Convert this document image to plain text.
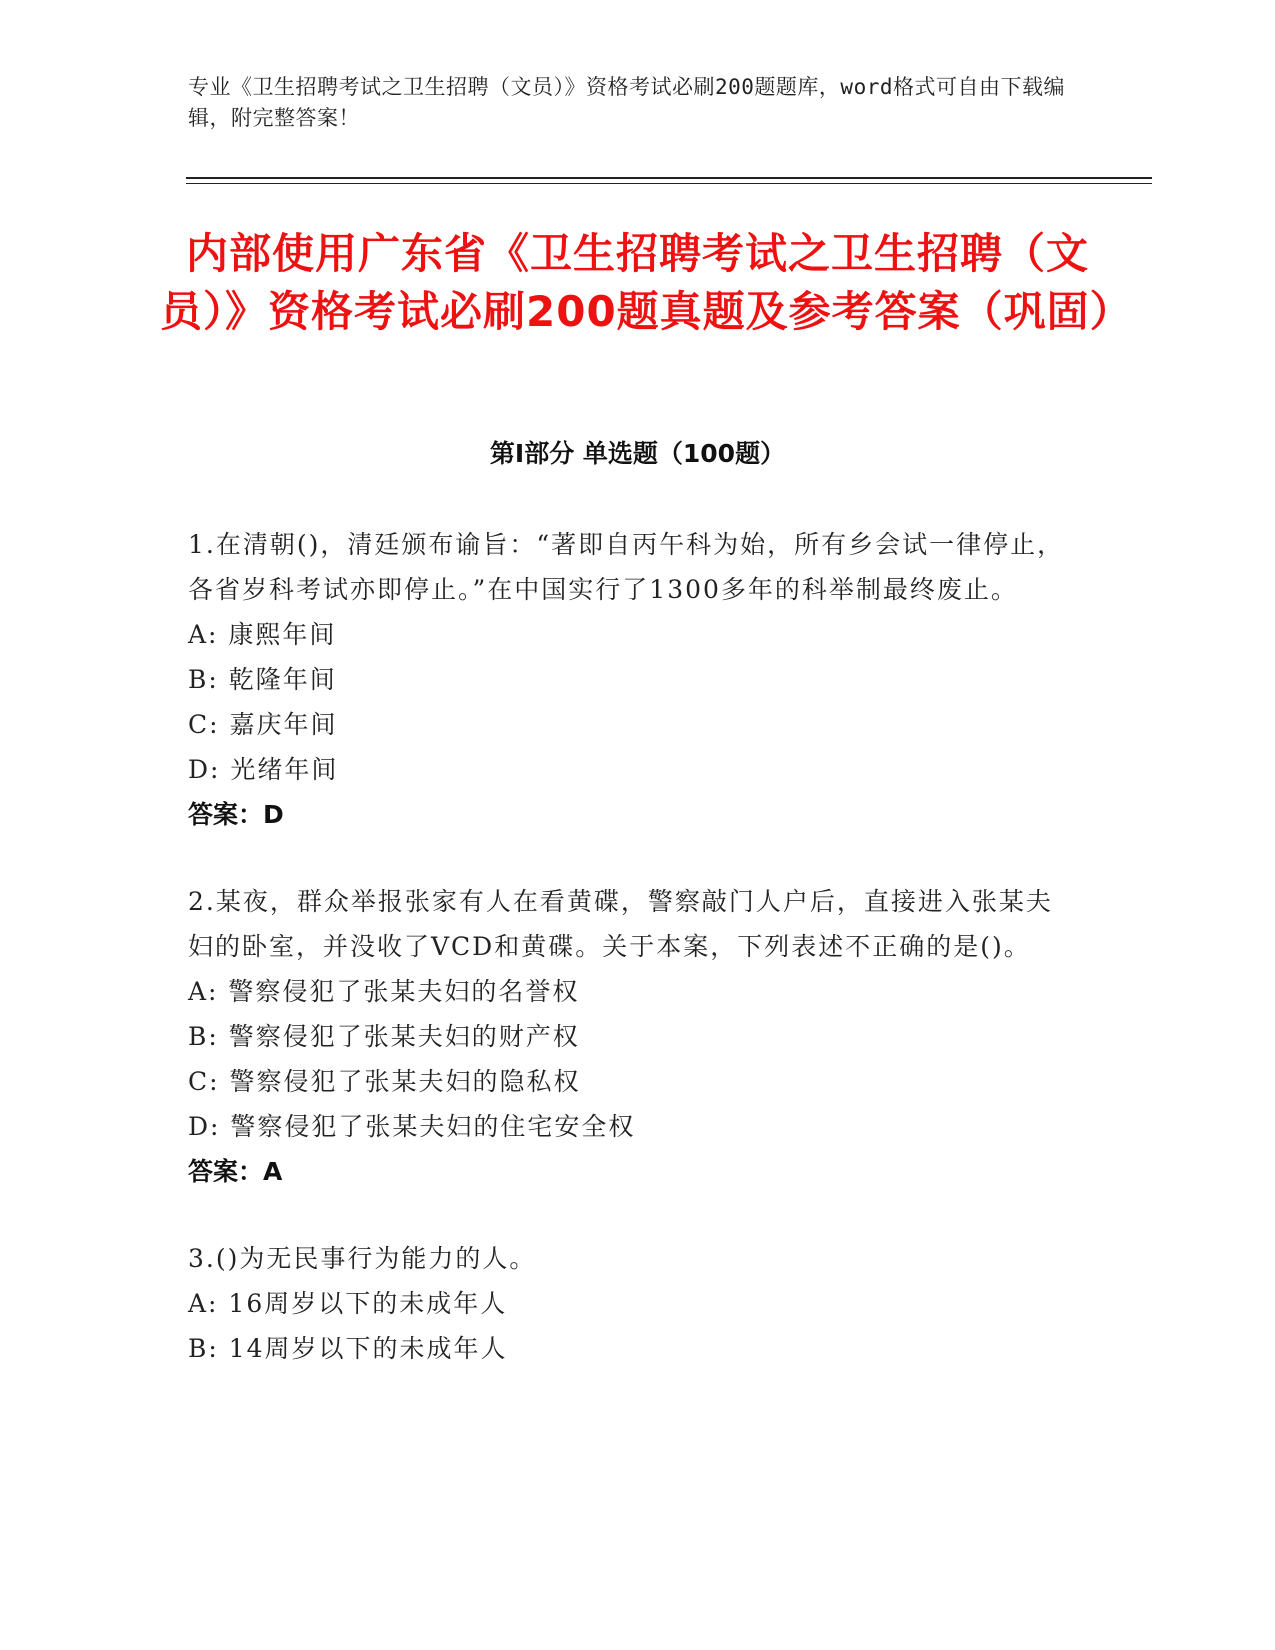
专业《卫生招聘考试之卫生招聘（文员）》资格考试必刷200题题库，word格式可自由下载编辑，附完整答案！
内部使用广东省《卫生招聘考试之卫生招聘（文员）》资格考试必刷200题真题及参考答案（巩固）
第Ⅰ部分 单选题（100题）

1.在清朝()，清廷颁布谕旨：“著即自丙午科为始，所有乡会试一律停止，各省岁科考试亦即停止。”在中国实行了1300多年的科举制最终废止。

A: 康熙年间

B: 乾隆年间

C: 嘉庆年间

D: 光绪年间

答案：D

2.某夜，群众举报张家有人在看黄碟，警察敲门人户后，直接进入张某夫妇的卧室，并没收了VCD和黄碟。关于本案，下列表述不正确的是()。

A: 警察侵犯了张某夫妇的名誉权

B: 警察侵犯了张某夫妇的财产权

C: 警察侵犯了张某夫妇的隐私权

D: 警察侵犯了张某夫妇的住宅安全权

答案：A

3.()为无民事行为能力的人。

A: 16周岁以下的未成年人

B: 14周岁以下的未成年人
